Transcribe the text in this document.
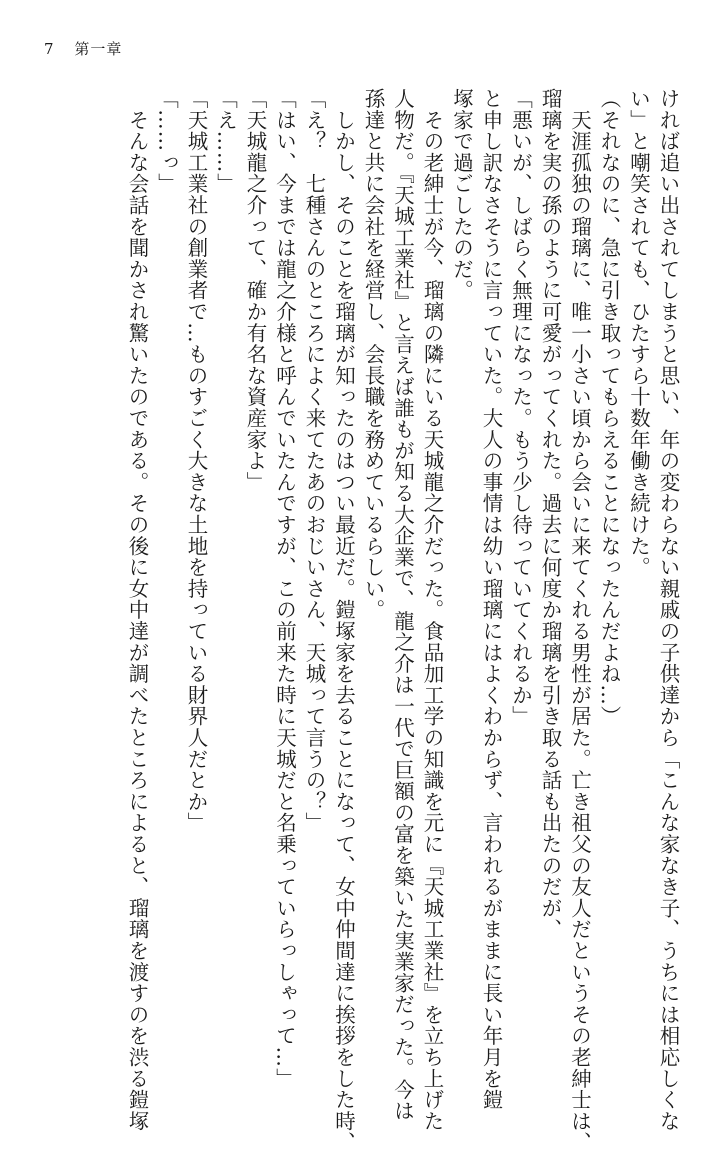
7 第一章

ければ追い出されてしまうと思い、年の変わらない親戚の子供達から「こんな家なき子、うちには相応しくな

い」と嘲笑されても、ひたすら十数年働き続けた。

（それなのに、急に引き取ってもらえることになったんだよね…）

　天涯孤独の瑠璃に、唯一小さい頃から会いに来てくれる男性が居た。亡き祖父の友人だというその老紳士は、

瑠璃を実の孫のように可愛がってくれた。過去に何度か瑠璃を引き取る話も出たのだが、

「悪いが、しばらく無理になった。もう少し待っていてくれるか」

と申し訳なさそうに言っていた。大人の事情は幼い瑠璃にはよくわからず、言われるがままに長い年月を鎧

塚家で過ごしたのだ。

　その老紳士が今、瑠璃の隣にいる天城龍之介だった。食品加工学の知識を元に『天城工業社』を立ち上げた

人物だ。『天城工業社』と言えば誰もが知る大企業で、龍之介は一代で巨額の富を築いた実業家だった。今は

孫達と共に会社を経営し、会長職を務めているらしい。

　しかし、そのことを瑠璃が知ったのはつい最近だ。鎧塚家を去ることになって、女中仲間達に挨拶をした時、

「え？　七種さんのところによく来てたあのおじいさん、天城って言うの？」

「はい、今までは龍之介様と呼んでいたんですが、この前来た時に天城だと名乗っていらっしゃって…」

「天城龍之介って、確か有名な資産家よ」

「え……」

「天城工業社の創業者で…ものすごく大きな土地を持っている財界人だとか」

「……っ」

　そんな会話を聞かされ驚いたのである。その後に女中達が調べたところによると、瑠璃を渡すのを渋る鎧塚
